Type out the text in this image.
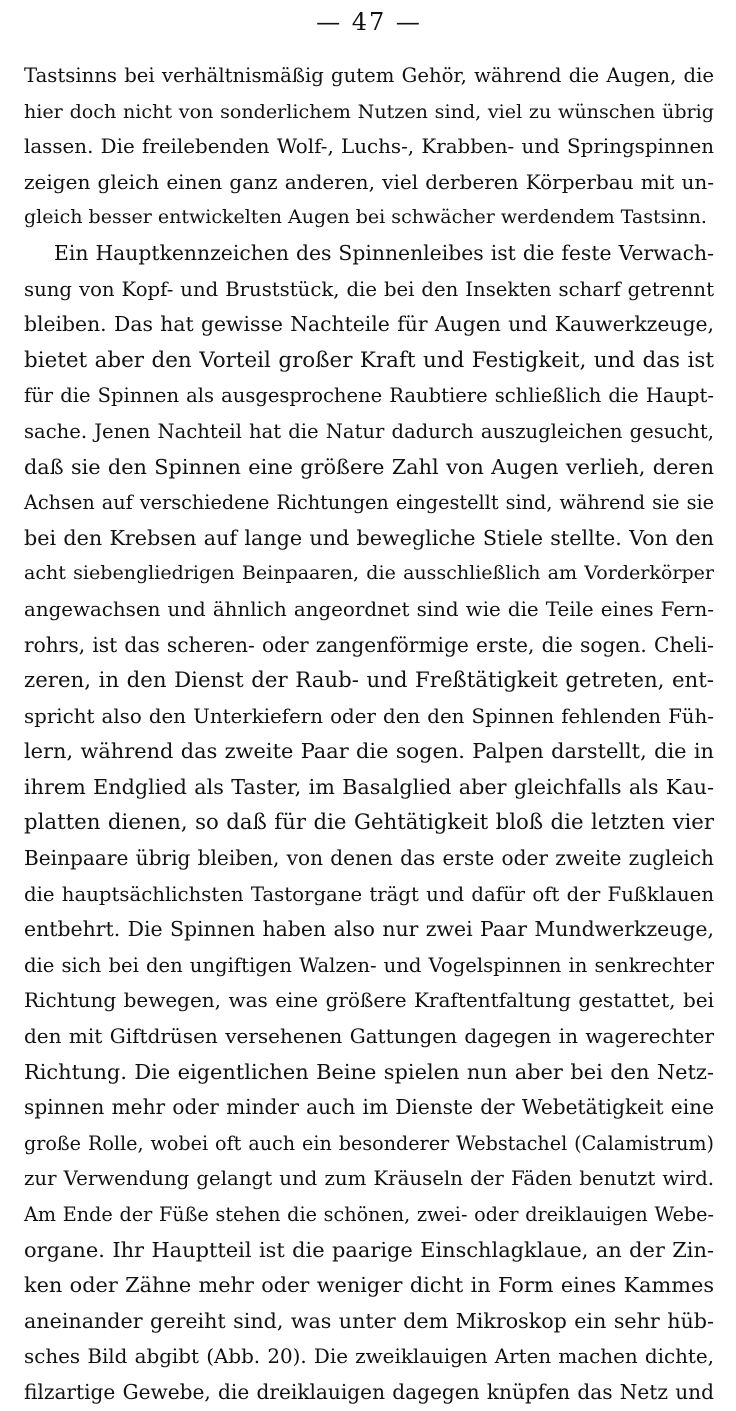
— 47 —
Tastsinns bei verhältnismäßig gutem Gehör, während die Augen, die
hier doch nicht von sonderlichem Nutzen sind, viel zu wünschen übrig
lassen. Die freilebenden Wolf-, Luchs-, Krabben- und Springspinnen
zeigen gleich einen ganz anderen, viel derberen Körperbau mit un-
gleich besser entwickelten Augen bei schwächer werdendem Tastsinn.
Ein Hauptkennzeichen des Spinnenleibes ist die feste Verwach-
sung von Kopf- und Bruststück, die bei den Insekten scharf getrennt
bleiben. Das hat gewisse Nachteile für Augen und Kauwerkzeuge,
bietet aber den Vorteil großer Kraft und Festigkeit, und das ist
für die Spinnen als ausgesprochene Raubtiere schließlich die Haupt-
sache. Jenen Nachteil hat die Natur dadurch auszugleichen gesucht,
daß sie den Spinnen eine größere Zahl von Augen verlieh, deren
Achsen auf verschiedene Richtungen eingestellt sind, während sie sie
bei den Krebsen auf lange und bewegliche Stiele stellte. Von den
acht siebengliedrigen Beinpaaren, die ausschließlich am Vorderkörper
angewachsen und ähnlich angeordnet sind wie die Teile eines Fern-
rohrs, ist das scheren- oder zangenförmige erste, die sogen. Cheli-
zeren, in den Dienst der Raub- und Freßtätigkeit getreten, ent-
spricht also den Unterkiefern oder den den Spinnen fehlenden Füh-
lern, während das zweite Paar die sogen. Palpen darstellt, die in
ihrem Endglied als Taster, im Basalglied aber gleichfalls als Kau-
platten dienen, so daß für die Gehtätigkeit bloß die letzten vier
Beinpaare übrig bleiben, von denen das erste oder zweite zugleich
die hauptsächlichsten Tastorgane trägt und dafür oft der Fußklauen
entbehrt. Die Spinnen haben also nur zwei Paar Mundwerkzeuge,
die sich bei den ungiftigen Walzen- und Vogelspinnen in senkrechter
Richtung bewegen, was eine größere Kraftentfaltung gestattet, bei
den mit Giftdrüsen versehenen Gattungen dagegen in wagerechter
Richtung. Die eigentlichen Beine spielen nun aber bei den Netz-
spinnen mehr oder minder auch im Dienste der Webetätigkeit eine
große Rolle, wobei oft auch ein besonderer Webstachel (Calamistrum)
zur Verwendung gelangt und zum Kräuseln der Fäden benutzt wird.
Am Ende der Füße stehen die schönen, zwei- oder dreiklauigen Webe-
organe. Ihr Hauptteil ist die paarige Einschlagklaue, an der Zin-
ken oder Zähne mehr oder weniger dicht in Form eines Kammes
aneinander gereiht sind, was unter dem Mikroskop ein sehr hüb-
sches Bild abgibt (Abb. 20). Die zweiklauigen Arten machen dichte,
filzartige Gewebe, die dreiklauigen dagegen knüpfen das Netz und
